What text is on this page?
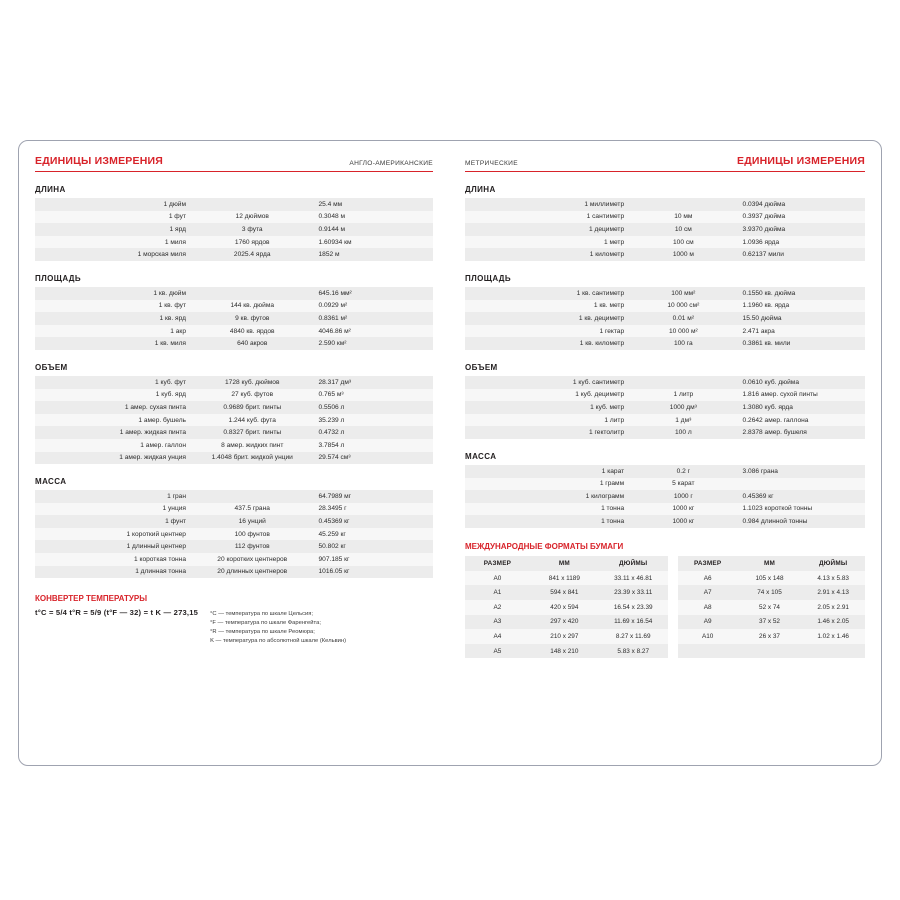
ЕДИНИЦЫ ИЗМЕРЕНИЯ	АНГЛО-АМЕРИКАНСКИЕ
ДЛИНА
1 дюйм		25.4 мм
1 фут	12 дюймов	0.3048 м
1 ярд	3 фута	0.9144 м
1 миля	1760 ярдов	1.60934 км
1 морская миля	2025.4 ярда	1852 м
ПЛОЩАДЬ
1 кв. дюйм		645.16 мм²
1 кв. фут	144 кв. дюйма	0.0929 м²
1 кв. ярд	9 кв. футов	0.8361 м²
1 акр	4840 кв. ярдов	4046.86 м²
1 кв. миля	640 акров	2.590 км²
ОБЪЕМ
1 куб. фут	1728 куб. дюймов	28.317 дм³
1 куб. ярд	27 куб. футов	0.765 м³
1 амер. сухая пинта	0.9689 брит. пинты	0.5506 л
1 амер. бушель	1.244 куб. фута	35.239 л
1 амер. жидкая пинта	0.8327 брит. пинты	0.4732 л
1 амер. галлон	8 амер. жидких пинт	3.7854 л
1 амер. жидкая унция	1.4048 брит. жидкой унции	29.574 см³
МАССА
1 гран		64.7989 мг
1 унция	437.5 грана	28.3495 г
1 фунт	16 унций	0.45369 кг
1 короткий центнер	100 фунтов	45.259 кг
1 длинный центнер	112 фунтов	50.802 кг
1 короткая тонна	20 коротких центнеров	907.185 кг
1 длинная тонна	20 длинных центнеров	1016.05 кг
КОНВЕРТЕР ТЕМПЕРАТУРЫ
t°C = 5/4 t°R = 5/9 (t°F — 32) = t K — 273,15 °С — температура по шкале Цельсия;
°F — температура по шкале Фаренгейта;
°R — температура по шкале Реомюра;
K — температура по абсолютной шкале (Кельвин)
МЕТРИЧЕСКИЕ	ЕДИНИЦЫ ИЗМЕРЕНИЯ
ДЛИНА
1 миллиметр		0.0394 дюйма
1 сантиметр	10 мм	0.3937 дюйма
1 дециметр	10 см	3.9370 дюйма
1 метр	100 см	1.0936 ярда
1 километр	1000 м	0.62137 мили
ПЛОЩАДЬ
1 кв. сантиметр	100 мм²	0.1550 кв. дюйма
1 кв. метр	10 000 см²	1.1960 кв. ярда
1 кв. дециметр	0.01 м²	15.50 дюйма
1 гектар	10 000 м²	2.471 акра
1 кв. километр	100 га	0.3861 кв. мили
ОБЪЕМ
1 куб. сантиметр		0.0610 куб. дюйма
1 куб. дециметр	1 литр	1.816 амер. сухой пинты
1 куб. метр	1000 дм³	1.3080 куб. ярда
1 литр	1 дм³	0.2642 амер. галлона
1 гектолитр	100 л	2.8378 амер. бушеля
МАССА
1 карат	0.2 г	3.086 грана
1 грамм	5 карат	
1 килограмм	1000 г	0.45369 кг
1 тонна	1000 кг	1.1023 короткой тонны
1 тонна	1000 кг	0.984 длинной тонны
МЕЖДУНАРОДНЫЕ ФОРМАТЫ БУМАГИ
РАЗМЕР	ММ	ДЮЙМЫ
A0	841 x 1189	33.11 x 46.81
A1	594 x 841	23.39 x 33.11
A2	420 x 594	16.54 x 23.39
A3	297 x 420	11.69 x 16.54
A4	210 x 297	8.27 x 11.69
A5	148 x 210	5.83 x 8.27
РАЗМЕР	ММ	ДЮЙМЫ
A6	105 x 148	4.13 x 5.83
A7	74 x 105	2.91 x 4.13
A8	52 x 74	2.05 x 2.91
A9	37 x 52	1.46 x 2.05
A10	26 x 37	1.02 x 1.46
